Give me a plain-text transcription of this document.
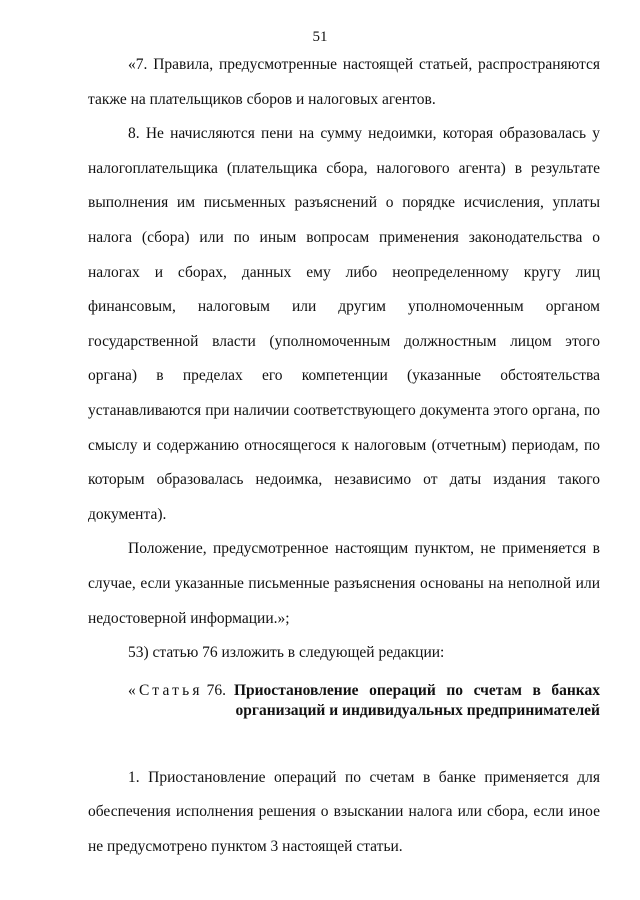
51

«7. Правила, предусмотренные настоящей статьей, распространяются также на плательщиков сборов и налоговых агентов.

8. Не начисляются пени на сумму недоимки, которая образовалась у налогоплательщика (плательщика сбора, налогового агента) в результате выполнения им письменных разъяснений о порядке исчисления, уплаты налога (сбора) или по иным вопросам применения законодательства о налогах и сборах, данных ему либо неопределенному кругу лиц финансовым, налоговым или другим уполномоченным органом государственной власти (уполномоченным должностным лицом этого органа) в пределах его компетенции (указанные обстоятельства устанавливаются при наличии соответствующего документа этого органа, по смыслу и содержанию относящегося к налоговым (отчетным) периодам, по которым образовалась недоимка, независимо от даты издания такого документа).

Положение, предусмотренное настоящим пунктом, не применяется в случае, если указанные письменные разъяснения основаны на неполной или недостоверной информации.»;

53) статью 76 изложить в следующей редакции:

«Статья 76. Приостановление операций по счетам в банках организаций и индивидуальных предпринимателей

1. Приостановление операций по счетам в банке применяется для обеспечения исполнения решения о взыскании налога или сбора, если иное не предусмотрено пунктом 3 настоящей статьи.
